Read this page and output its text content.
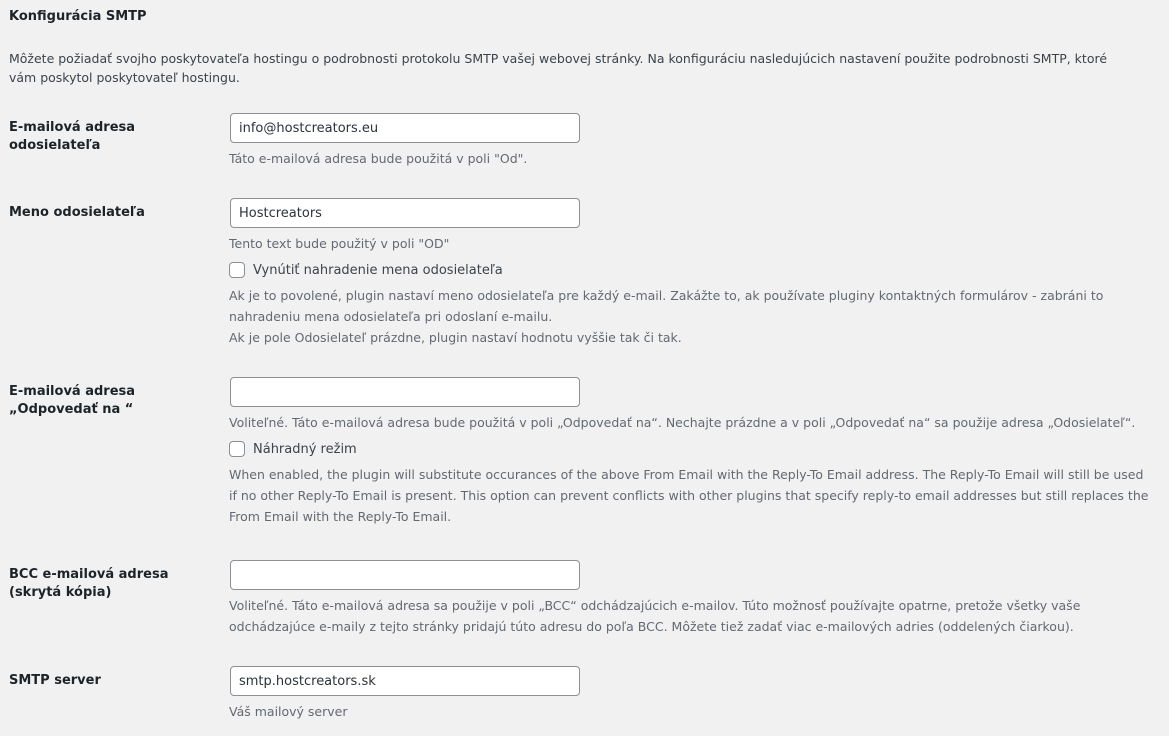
Konfigurácia SMTP

Môžete požiadať svojho poskytovateľa hostingu o podrobnosti protokolu SMTP vašej webovej stránky. Na konfiguráciu nasledujúcich nastavení použite podrobnosti SMTP, ktoré vám poskytol poskytovateľ hostingu.

E-mailová adresa odosielateľa
info@hostcreators.eu
Táto e-mailová adresa bude použitá v poli "Od".
Meno odosielateľa
Hostcreators
Tento text bude použitý v poli "OD"
Vynútiť nahradenie mena odosielateľa

Ak je to povolené, plugin nastaví meno odosielateľa pre každý e-mail. Zakážte to, ak používate pluginy kontaktných formulárov - zabráni to nahradeniu mena odosielateľa pri odoslaní e-mailu.

Ak je pole Odosielateľ prázdne, plugin nastaví hodnotu vyššie tak či tak.

E-mailová adresa „Odpovedať na “
Voliteľné. Táto e-mailová adresa bude použitá v poli „Odpovedať na“. Nechajte prázdne a v poli „Odpovedať na“ sa použije adresa „Odosielateľ“.
Náhradný režim
When enabled, the plugin will substitute occurances of the above From Email with the Reply-To Email address. The Reply-To Email will still be used if no other Reply-To Email is present. This option can prevent conflicts with other plugins that specify reply-to email addresses but still replaces the From Email with the Reply-To Email.
BCC e-mailová adresa (skrytá kópia)
Voliteľné. Táto e-mailová adresa sa použije v poli „BCC“ odchádzajúcich e-mailov. Túto možnosť používajte opatrne, pretože všetky vaše odchádzajúce e-maily z tejto stránky pridajú túto adresu do poľa BCC. Môžete tiež zadať viac e-mailových adries (oddelených čiarkou).
SMTP server
smtp.hostcreators.sk
Váš mailový server
